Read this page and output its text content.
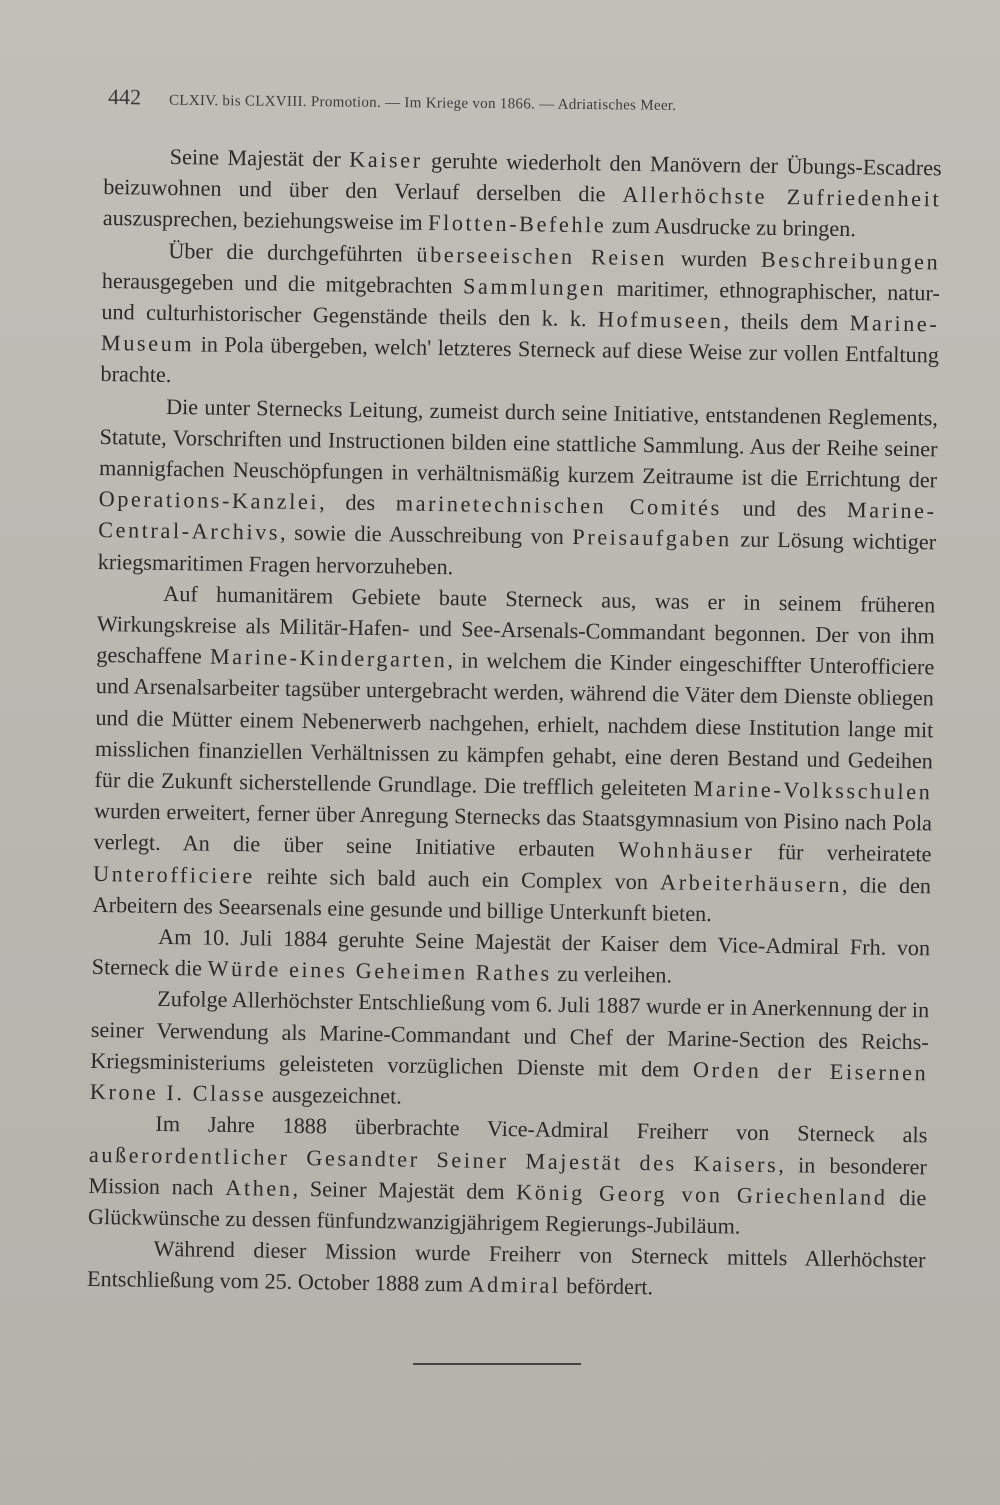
442 CLXIV. bis CLXVIII. Promotion. — Im Kriege von 1866. — Adriatisches Meer.

Seine Majestät der Kaiser geruhte wiederholt den Manövern der Übungs-Escadres beizuwohnen und über den Verlauf derselben die Allerhöchste Zufriedenheit auszusprechen, beziehungsweise im Flotten-Befehle zum Ausdrucke zu bringen.

Über die durchgeführten überseeischen Reisen wurden Beschreibungen herausgegeben und die mitgebrachten Sammlungen maritimer, ethnographischer, natur- und culturhistorischer Gegenstände theils den k. k. Hofmuseen, theils dem Marine-Museum in Pola übergeben, welch' letzteres Sterneck auf diese Weise zur vollen Entfaltung brachte.

Die unter Sternecks Leitung, zumeist durch seine Initiative, entstandenen Reglements, Statute, Vorschriften und Instructionen bilden eine stattliche Sammlung. Aus der Reihe seiner mannigfachen Neuschöpfungen in verhältnismäßig kurzem Zeitraume ist die Errichtung der Operations-Kanzlei, des marinetechnischen Comités und des Marine-Central-Archivs, sowie die Ausschreibung von Preisaufgaben zur Lösung wichtiger kriegsmaritimen Fragen hervorzuheben.

Auf humanitärem Gebiete baute Sterneck aus, was er in seinem früheren Wirkungskreise als Militär-Hafen- und See-Arsenals-Commandant begonnen. Der von ihm geschaffene Marine-Kindergarten, in welchem die Kinder eingeschiffter Unterofficiere und Arsenalsarbeiter tagsüber untergebracht werden, während die Väter dem Dienste obliegen und die Mütter einem Nebenerwerb nachgehen, erhielt, nachdem diese Institution lange mit misslichen finanziellen Verhältnissen zu kämpfen gehabt, eine deren Bestand und Gedeihen für die Zukunft sicherstellende Grundlage. Die trefflich geleiteten Marine-Volksschulen wurden erweitert, ferner über Anregung Sternecks das Staatsgymnasium von Pisino nach Pola verlegt. An die über seine Initiative erbauten Wohnhäuser für verheiratete Unterofficiere reihte sich bald auch ein Complex von Arbeiterhäusern, die den Arbeitern des Seearsenals eine gesunde und billige Unterkunft bieten.

Am 10. Juli 1884 geruhte Seine Majestät der Kaiser dem Vice-Admiral Frh. von Sterneck die Würde eines Geheimen Rathes zu verleihen.

Zufolge Allerhöchster Entschließung vom 6. Juli 1887 wurde er in Anerkennung der in seiner Verwendung als Marine-Commandant und Chef der Marine-Section des Reichs-Kriegsministeriums geleisteten vorzüglichen Dienste mit dem Orden der Eisernen Krone I. Classe ausgezeichnet.

Im Jahre 1888 überbrachte Vice-Admiral Freiherr von Sterneck als außerordentlicher Gesandter Seiner Majestät des Kaisers, in besonderer Mission nach Athen, Seiner Majestät dem König Georg von Griechenland die Glückwünsche zu dessen fünfundzwanzigjährigem Regierungs-Jubiläum.

Während dieser Mission wurde Freiherr von Sterneck mittels Allerhöchster Entschließung vom 25. October 1888 zum Admiral befördert.
